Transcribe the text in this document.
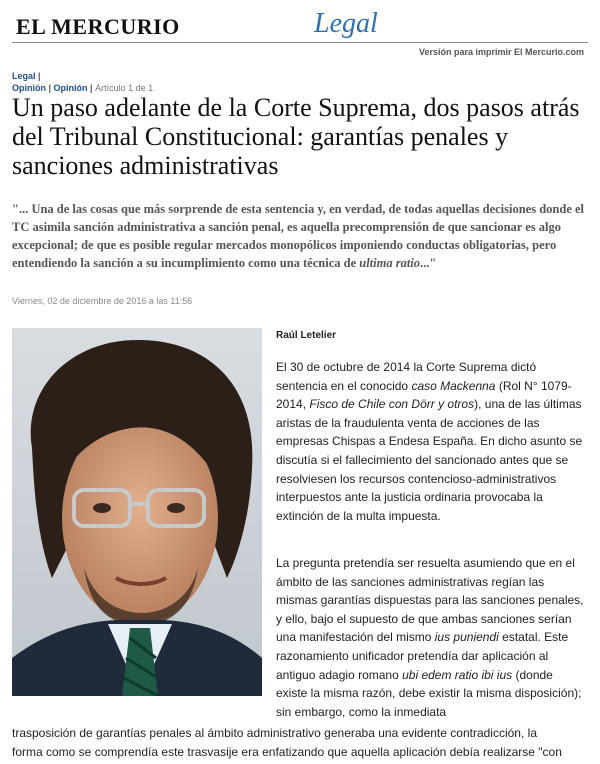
EL MERCURIO	Legal
Versión para imprimir El Mercurio.com
Legal |
Opinión | Opinión | Artículo 1 de 1
Un paso adelante de la Corte Suprema, dos pasos atrás del Tribunal Constitucional: garantías penales y sanciones administrativas

"... Una de las cosas que más sorprende de esta sentencia y, en verdad, de todas aquellas decisiones donde el TC asimila sanción administrativa a sanción penal, es aquella precomprensión de que sancionar es algo excepcional; de que es posible regular mercados monopólicos imponiendo conductas obligatorias, pero entendiendo la sanción a su incumplimiento como una técnica de ultima ratio..."

Viernes, 02 de diciembre de 2016 a las 11:56
Raúl Letelier

El 30 de octubre de 2014 la Corte Suprema dictó sentencia en el conocido caso Mackenna (Rol N° 1079-2014, Fisco de Chile con Dörr y otros), una de las últimas aristas de la fraudulenta venta de acciones de las empresas Chispas a Endesa España. En dicho asunto se discutía si el fallecimiento del sancionado antes que se resolviesen los recursos contencioso-administrativos interpuestos ante la justicia ordinaria provocaba la extinción de la multa impuesta.

La pregunta pretendía ser resuelta asumiendo que en el ámbito de las sanciones administrativas regían las mismas garantías dispuestas para las sanciones penales, y ello, bajo el supuesto de que ambas sanciones serían una manifestación del mismo ius puniendi estatal. Este razonamiento unificador pretendía dar aplicación al antiguo adagio romano ubi edem ratio ibi ius (donde existe la misma razón, debe existir la misma disposición); sin embargo, como la inmediata

trasposición de garantías penales al ámbito administrativo generaba una evidente contradicción, la
forma como se comprendía este trasvasije era enfatizando que aquella aplicación debía realizarse "con
